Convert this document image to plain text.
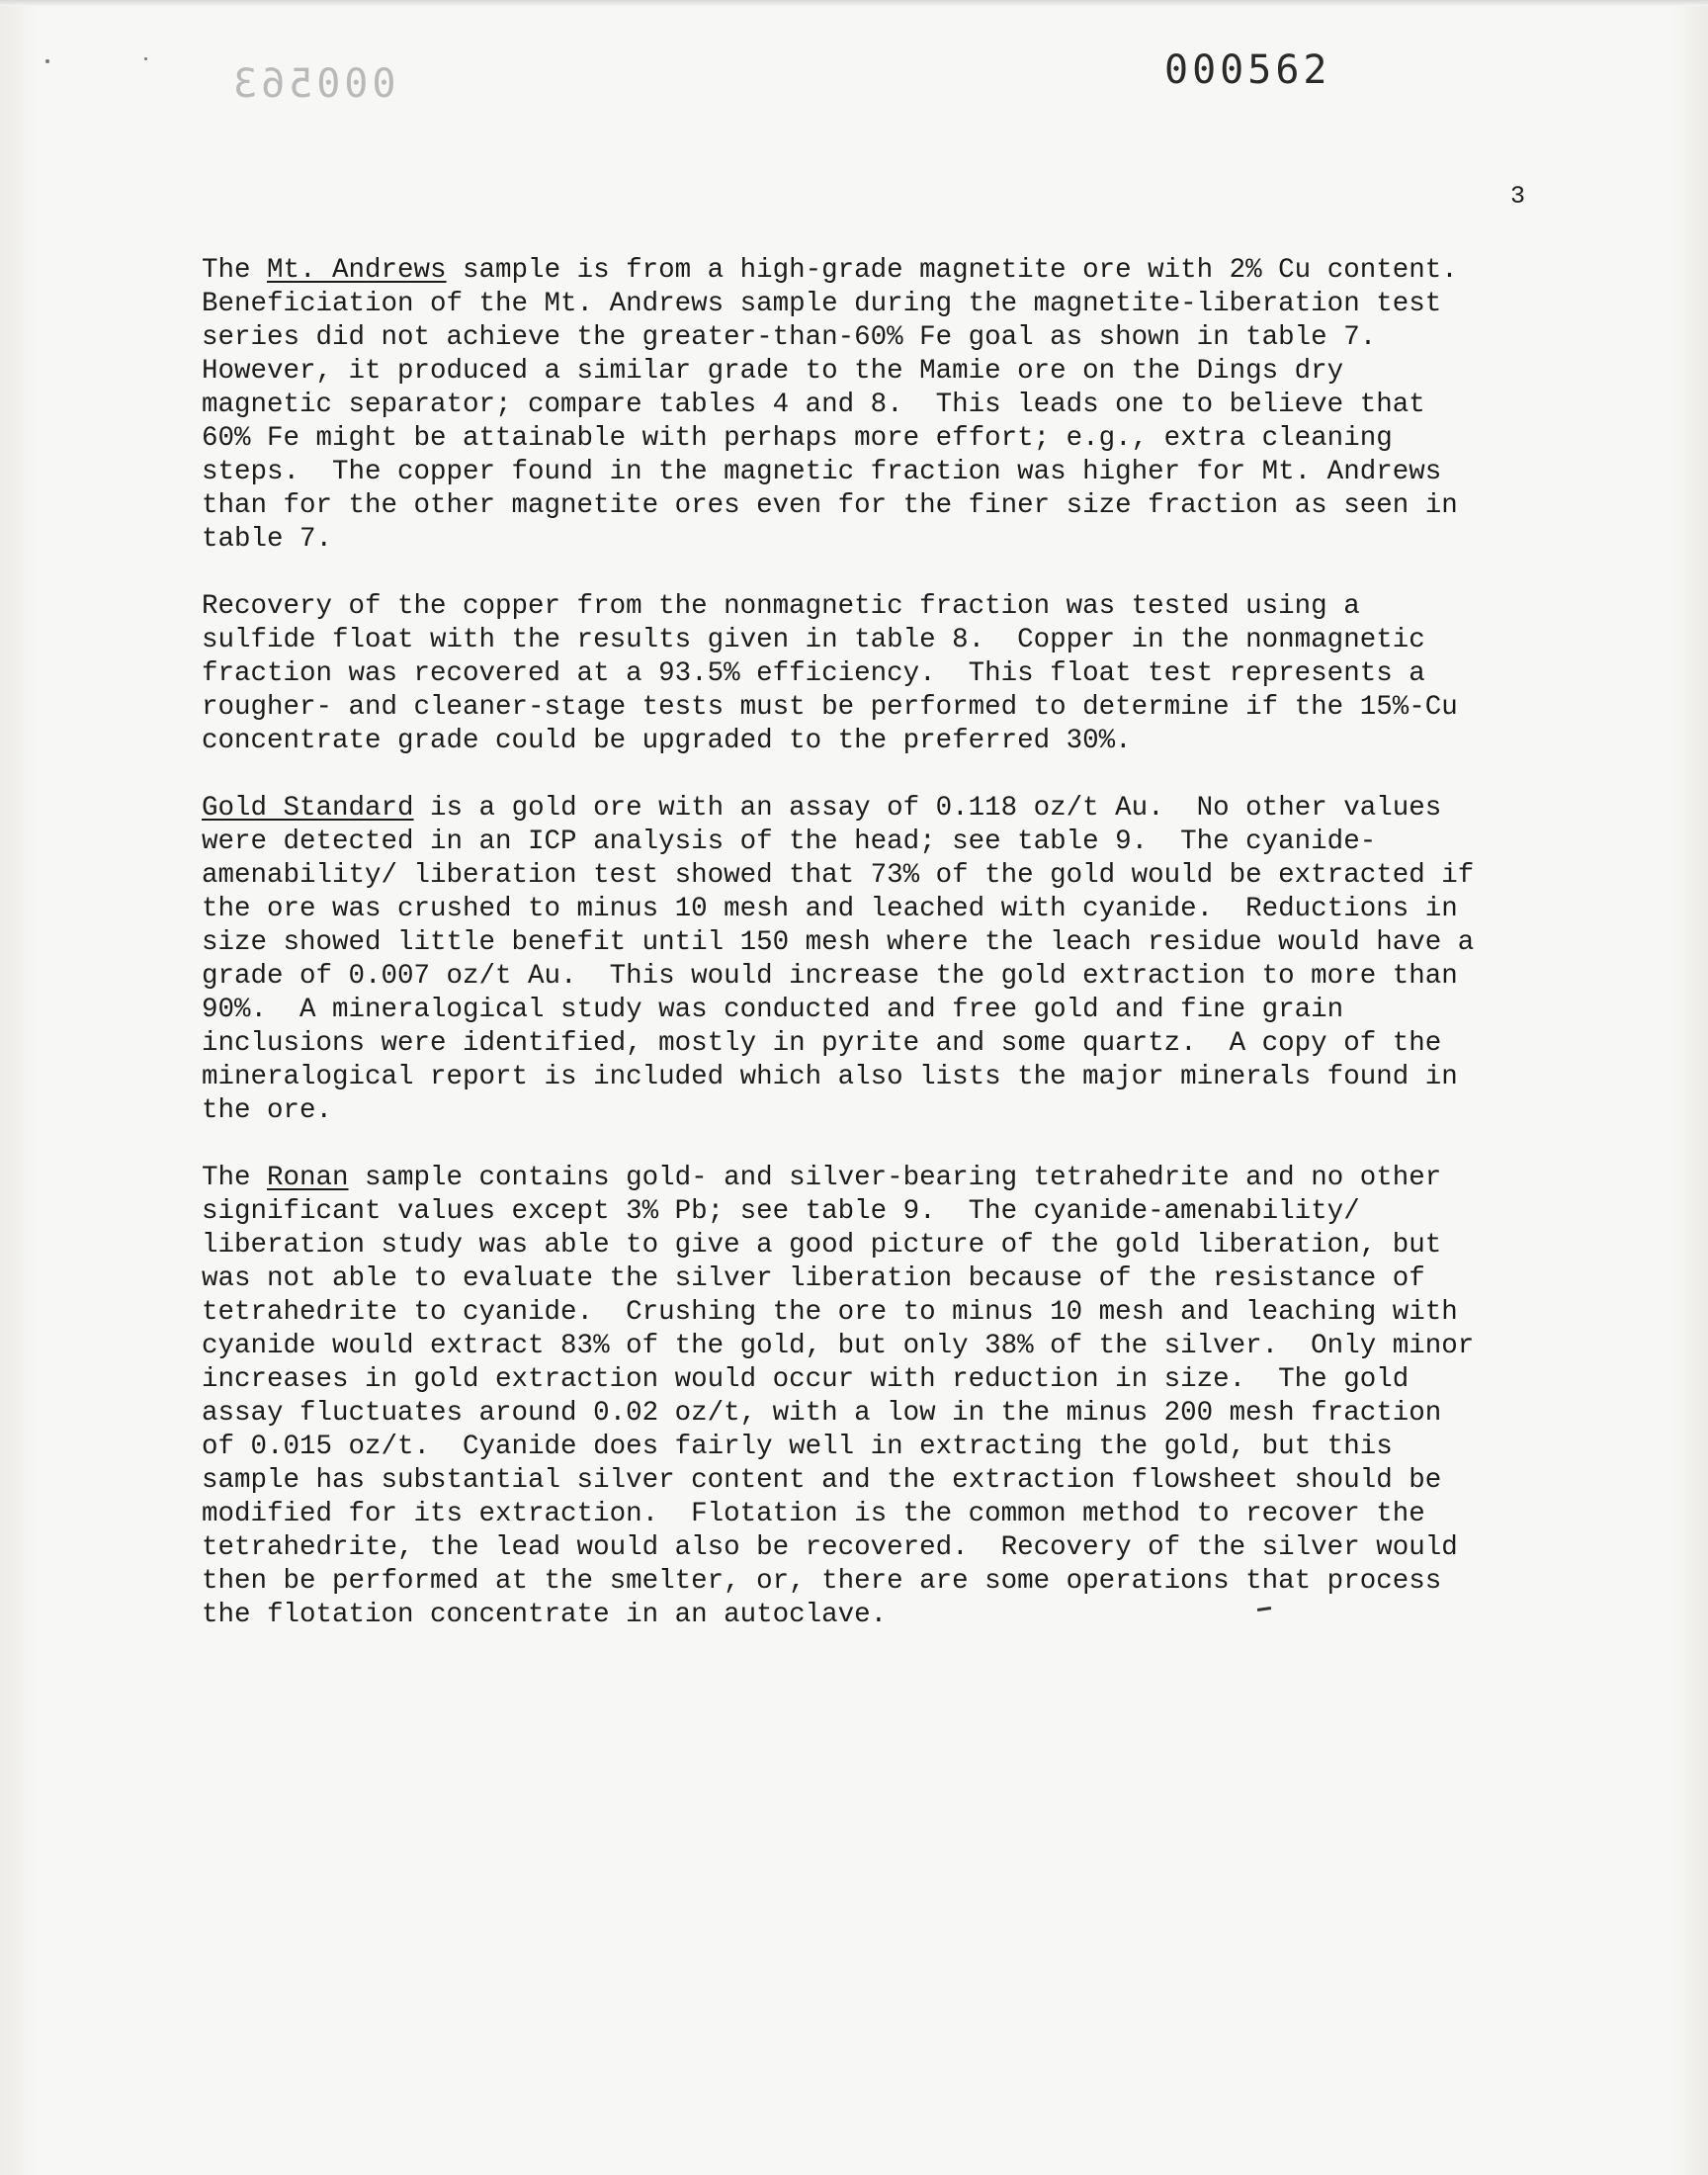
000563	000562
3

The Mt. Andrews sample is from a high-grade magnetite ore with 2% Cu content.
Beneficiation of the Mt. Andrews sample during the magnetite-liberation test
series did not achieve the greater-than-60% Fe goal as shown in table 7.
However, it produced a similar grade to the Mamie ore on the Dings dry
magnetic separator; compare tables 4 and 8.  This leads one to believe that
60% Fe might be attainable with perhaps more effort; e.g., extra cleaning
steps.  The copper found in the magnetic fraction was higher for Mt. Andrews
than for the other magnetite ores even for the finer size fraction as seen in
table 7.

Recovery of the copper from the nonmagnetic fraction was tested using a
sulfide float with the results given in table 8.  Copper in the nonmagnetic
fraction was recovered at a 93.5% efficiency.  This float test represents a
rougher- and cleaner-stage tests must be performed to determine if the 15%-Cu
concentrate grade could be upgraded to the preferred 30%.

Gold Standard is a gold ore with an assay of 0.118 oz/t Au.  No other values
were detected in an ICP analysis of the head; see table 9.  The cyanide-
amenability/ liberation test showed that 73% of the gold would be extracted if
the ore was crushed to minus 10 mesh and leached with cyanide.  Reductions in
size showed little benefit until 150 mesh where the leach residue would have a
grade of 0.007 oz/t Au.  This would increase the gold extraction to more than
90%.  A mineralogical study was conducted and free gold and fine grain
inclusions were identified, mostly in pyrite and some quartz.  A copy of the
mineralogical report is included which also lists the major minerals found in
the ore.

The Ronan sample contains gold- and silver-bearing tetrahedrite and no other
significant values except 3% Pb; see table 9.  The cyanide-amenability/
liberation study was able to give a good picture of the gold liberation, but
was not able to evaluate the silver liberation because of the resistance of
tetrahedrite to cyanide.  Crushing the ore to minus 10 mesh and leaching with
cyanide would extract 83% of the gold, but only 38% of the silver.  Only minor
increases in gold extraction would occur with reduction in size.  The gold
assay fluctuates around 0.02 oz/t, with a low in the minus 200 mesh fraction
of 0.015 oz/t.  Cyanide does fairly well in extracting the gold, but this
sample has substantial silver content and the extraction flowsheet should be
modified for its extraction.  Flotation is the common method to recover the
tetrahedrite, the lead would also be recovered.  Recovery of the silver would
then be performed at the smelter, or, there are some operations that process
the flotation concentrate in an autoclave.
